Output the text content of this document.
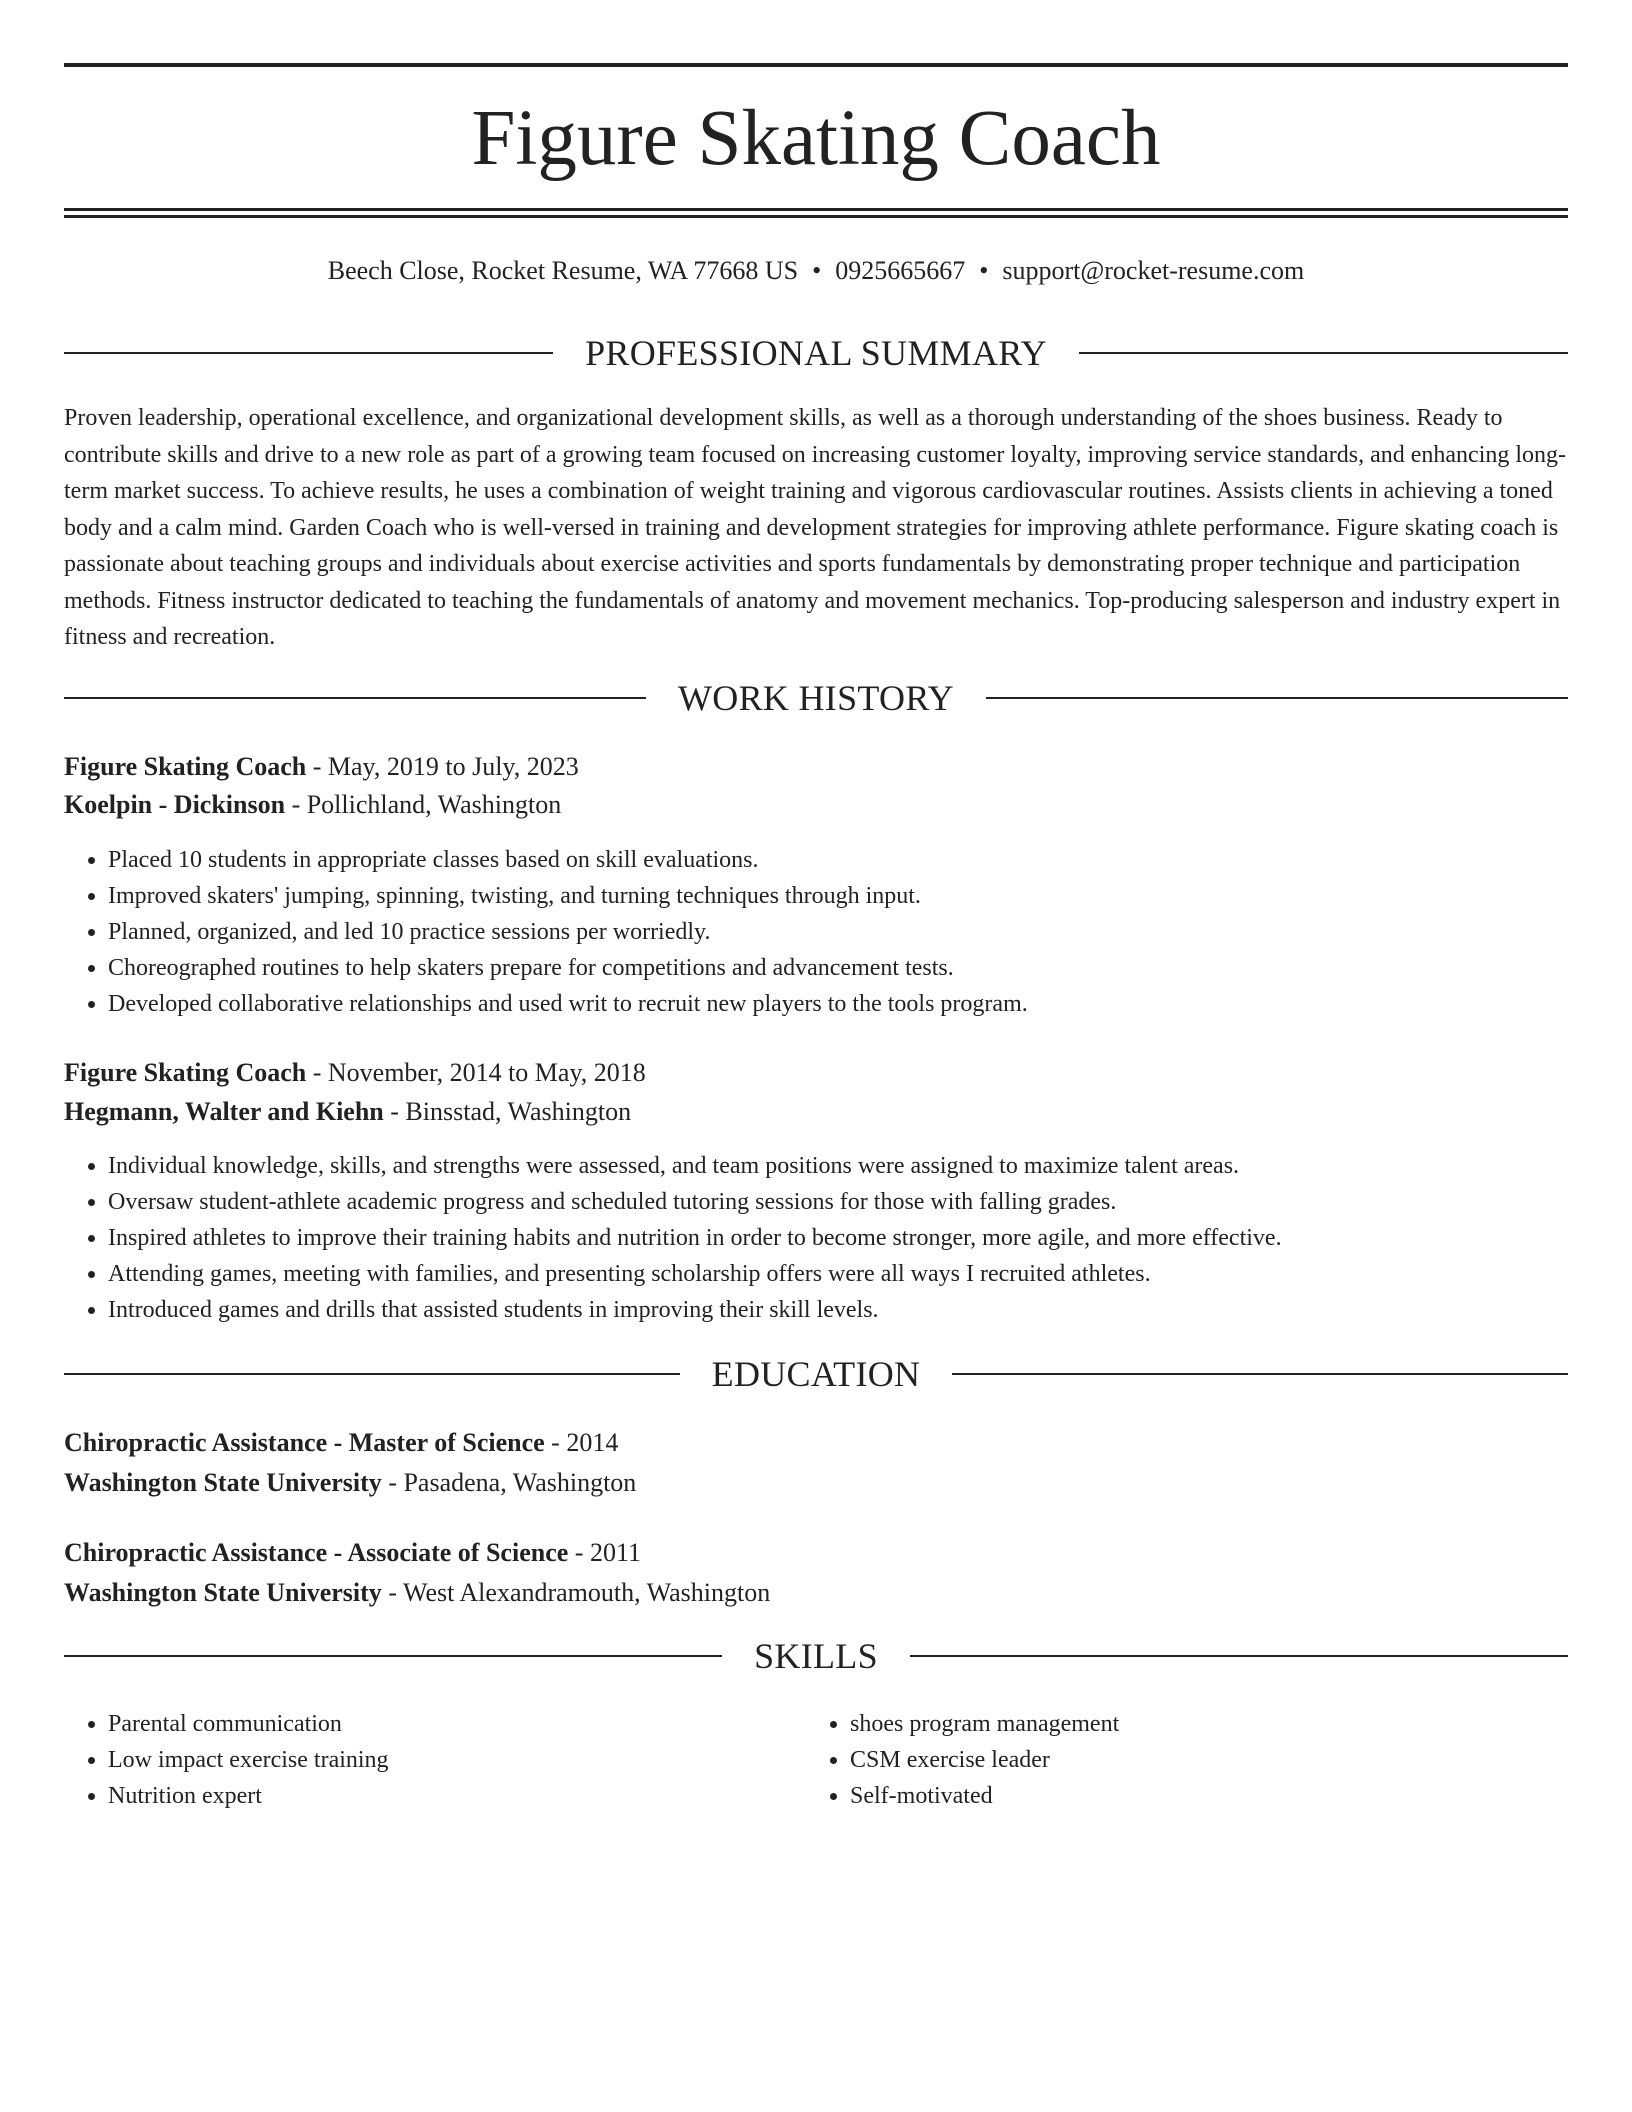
Figure Skating Coach
Beech Close, Rocket Resume, WA 77668 US • 0925665667 • support@rocket-resume.com
PROFESSIONAL SUMMARY
Proven leadership, operational excellence, and organizational development skills, as well as a thorough understanding of the shoes business. Ready to contribute skills and drive to a new role as part of a growing team focused on increasing customer loyalty, improving service standards, and enhancing long-term market success. To achieve results, he uses a combination of weight training and vigorous cardiovascular routines. Assists clients in achieving a toned body and a calm mind. Garden Coach who is well-versed in training and development strategies for improving athlete performance. Figure skating coach is passionate about teaching groups and individuals about exercise activities and sports fundamentals by demonstrating proper technique and participation methods. Fitness instructor dedicated to teaching the fundamentals of anatomy and movement mechanics. Top-producing salesperson and industry expert in fitness and recreation.
WORK HISTORY
Figure Skating Coach - May, 2019 to July, 2023
Koelpin - Dickinson - Pollichland, Washington
• Placed 10 students in appropriate classes based on skill evaluations.
• Improved skaters' jumping, spinning, twisting, and turning techniques through input.
• Planned, organized, and led 10 practice sessions per worriedly.
• Choreographed routines to help skaters prepare for competitions and advancement tests.
• Developed collaborative relationships and used writ to recruit new players to the tools program.
Figure Skating Coach - November, 2014 to May, 2018
Hegmann, Walter and Kiehn - Binsstad, Washington
• Individual knowledge, skills, and strengths were assessed, and team positions were assigned to maximize talent areas.
• Oversaw student-athlete academic progress and scheduled tutoring sessions for those with falling grades.
• Inspired athletes to improve their training habits and nutrition in order to become stronger, more agile, and more effective.
• Attending games, meeting with families, and presenting scholarship offers were all ways I recruited athletes.
• Introduced games and drills that assisted students in improving their skill levels.
EDUCATION
Chiropractic Assistance - Master of Science - 2014
Washington State University - Pasadena, Washington
Chiropractic Assistance - Associate of Science - 2011
Washington State University - West Alexandramouth, Washington
SKILLS
• Parental communication
• Low impact exercise training
• Nutrition expert
• shoes program management
• CSM exercise leader
• Self-motivated
